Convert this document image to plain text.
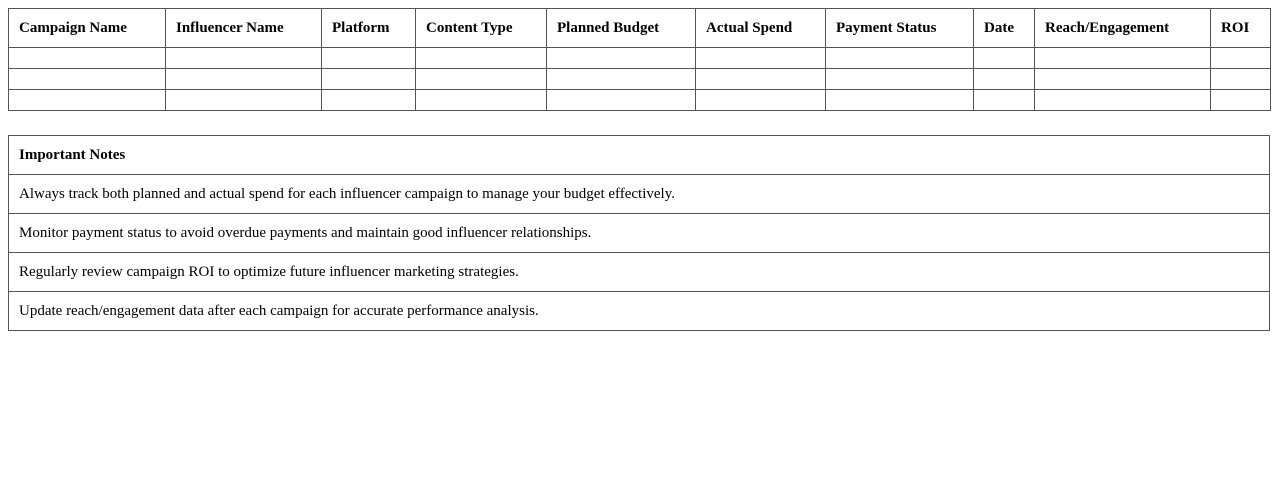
Campaign Name	Influencer Name	Platform	Content Type	Planned Budget	Actual Spend	Payment Status	Date	Reach/Engagement	ROI

Important Notes
Always track both planned and actual spend for each influencer campaign to manage your budget effectively.
Monitor payment status to avoid overdue payments and maintain good influencer relationships.
Regularly review campaign ROI to optimize future influencer marketing strategies.
Update reach/engagement data after each campaign for accurate performance analysis.
